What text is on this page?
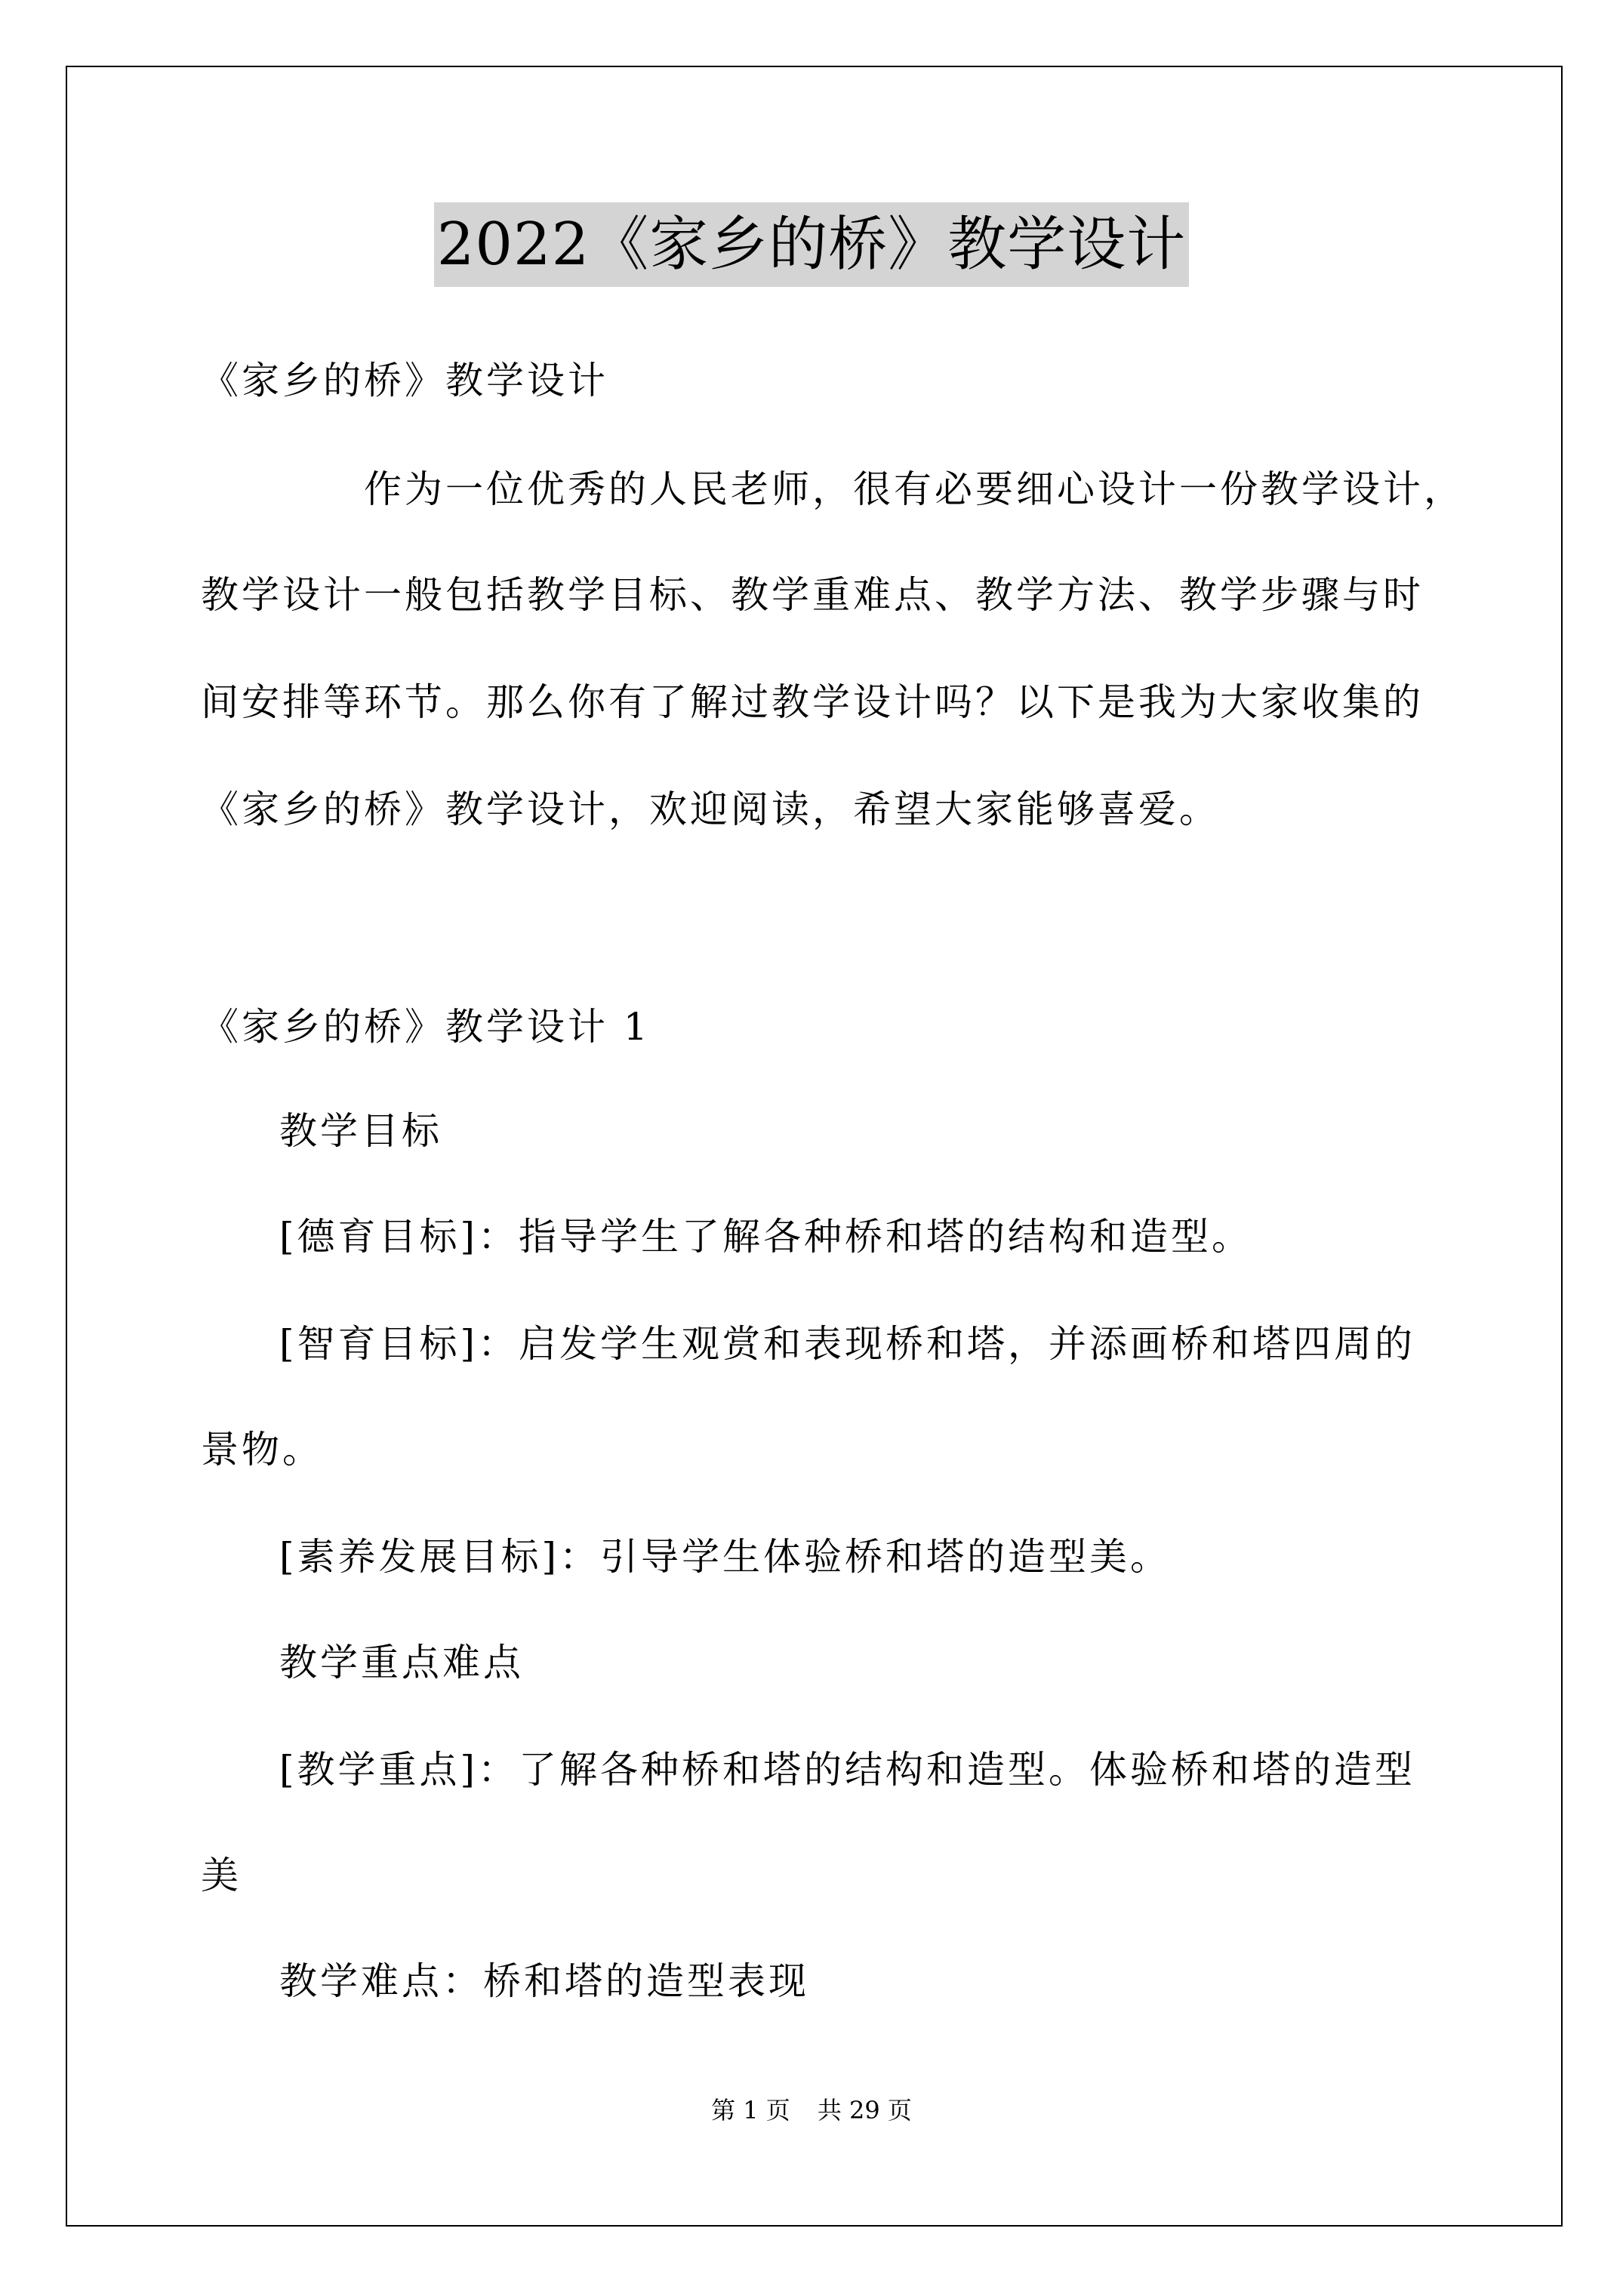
2022《家乡的桥》教学设计
《家乡的桥》教学设计
作为一位优秀的人民老师，很有必要细心设计一份教学设计，
教学设计一般包括教学目标、教学重难点、教学方法、教学步骤与时
间安排等环节。那么你有了解过教学设计吗？以下是我为大家收集的
《家乡的桥》教学设计，欢迎阅读，希望大家能够喜爱。
《家乡的桥》教学设计 1
教学目标
[德育目标]：指导学生了解各种桥和塔的结构和造型。
[智育目标]：启发学生观赏和表现桥和塔，并添画桥和塔四周的
景物。
[素养发展目标]：引导学生体验桥和塔的造型美。
教学重点难点
[教学重点]：了解各种桥和塔的结构和造型。体验桥和塔的造型
美
教学难点：桥和塔的造型表现
第 1 页 共 29 页
